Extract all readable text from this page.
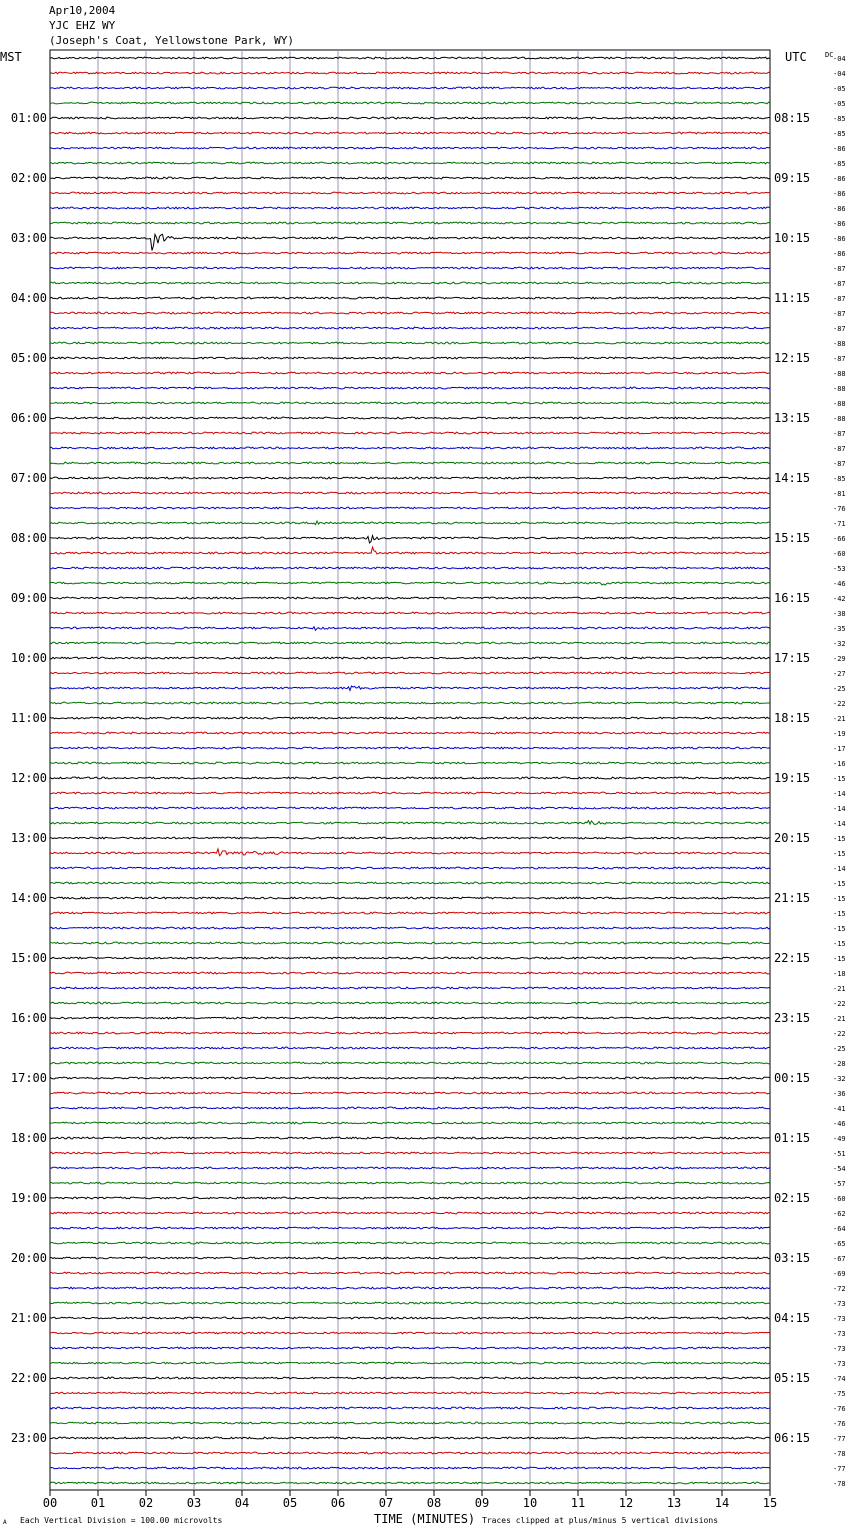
Apr10,2004
YJC EHZ WY
(Joseph's Coat, Yellowstone Park, WY)
01:00
02:00
03:00
04:00
05:00
06:00
07:00
08:00
09:00
10:00
11:00
12:00
13:00
14:00
15:00
16:00
17:00
18:00
19:00
20:00
21:00
22:00
23:00
08:15
09:15
10:15
11:15
12:15
13:15
14:15
15:15
16:15
17:15
18:15
19:15
20:15
21:15
22:15
23:15
00:15
01:15
02:15
03:15
04:15
05:15
06:15
MST	UTC	DC -04
-04
-05
-05
-85
-85
-86
-85
-86
-86
-86
-86
-86
-86
-87
-87
-87
-87
-87
-88
-87
-88
-88
-88
-88
-87
-87
-87
-85
-81
-76
-71
-66
-60
-53
-46
-42
-38
-35
-32
-29
-27
-25
-22
-21
-19
-17
-16
-15
-14
-14
-14
-15
-15
-14
-15
-15
-15
-15
-15
-15
-18
-21
-22
-21
-22
-25
-28
-32
-36
-41
-46
-49
-51
-54
-57
-60
-62
-64
-65
-67
-69
-72
-73
-73
-73
-73
-73
-74
-75
-76
-76
-77
-78
-77
-78
00	01	02	03	04	05	06	07	08	09	10	11	12	13	14	15
A Each Vertical Division = 100.00 microvolts	TIME (MINUTES) Traces clipped at plus/minus 5 vertical divisions
